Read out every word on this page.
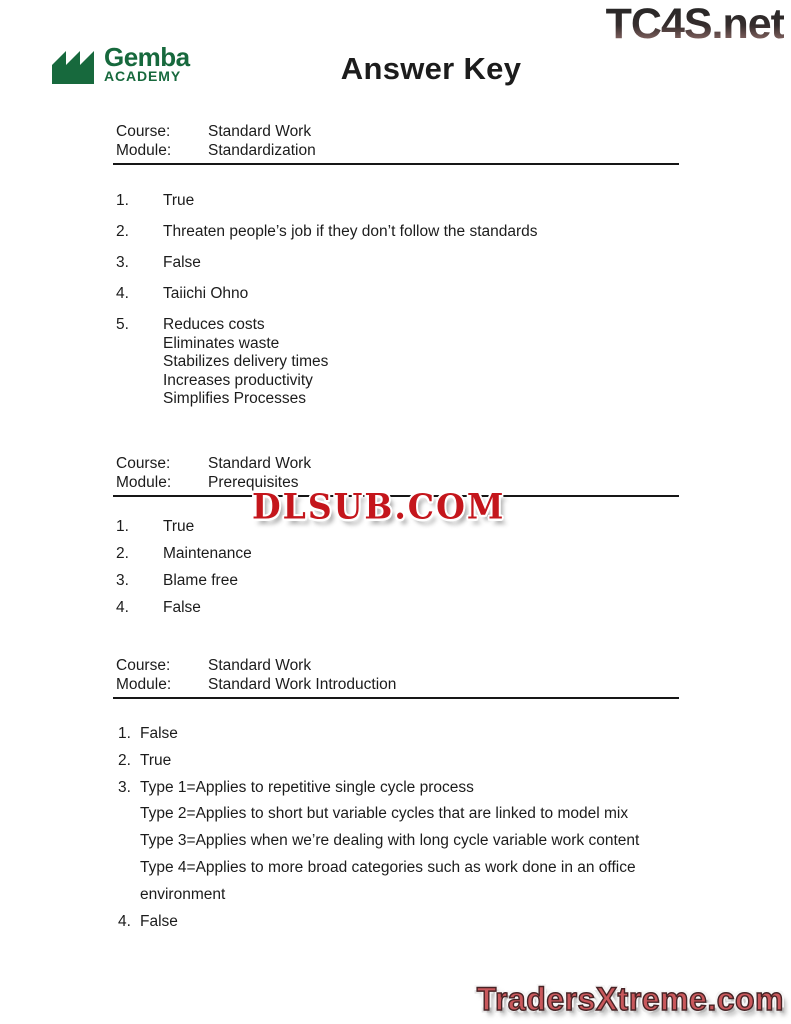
TC4S.net
Gemba
ACADEMY	Answer Key
Course:	Standard Work
Module:	Standardization
1.	True
2.	Threaten people’s job if they don’t follow the standards
3.	False
4.	Taiichi Ohno
5.	Reduces costs
Eliminates waste
Stabilizes delivery times
Increases productivity
Simplifies Processes
Course:	Standard Work
Module:	Prerequisites
DLSUB.COM
1.	True
2.	Maintenance
3.	Blame free
4.	False
Course:	Standard Work
Module:	Standard Work Introduction
1. False
2. True
3. Type 1=Applies to repetitive single cycle process
Type 2=Applies to short but variable cycles that are linked to model mix
Type 3=Applies when we’re dealing with long cycle variable work content
Type 4=Applies to more broad categories such as work done in an office
environment
4. False
TradersXtreme.com
